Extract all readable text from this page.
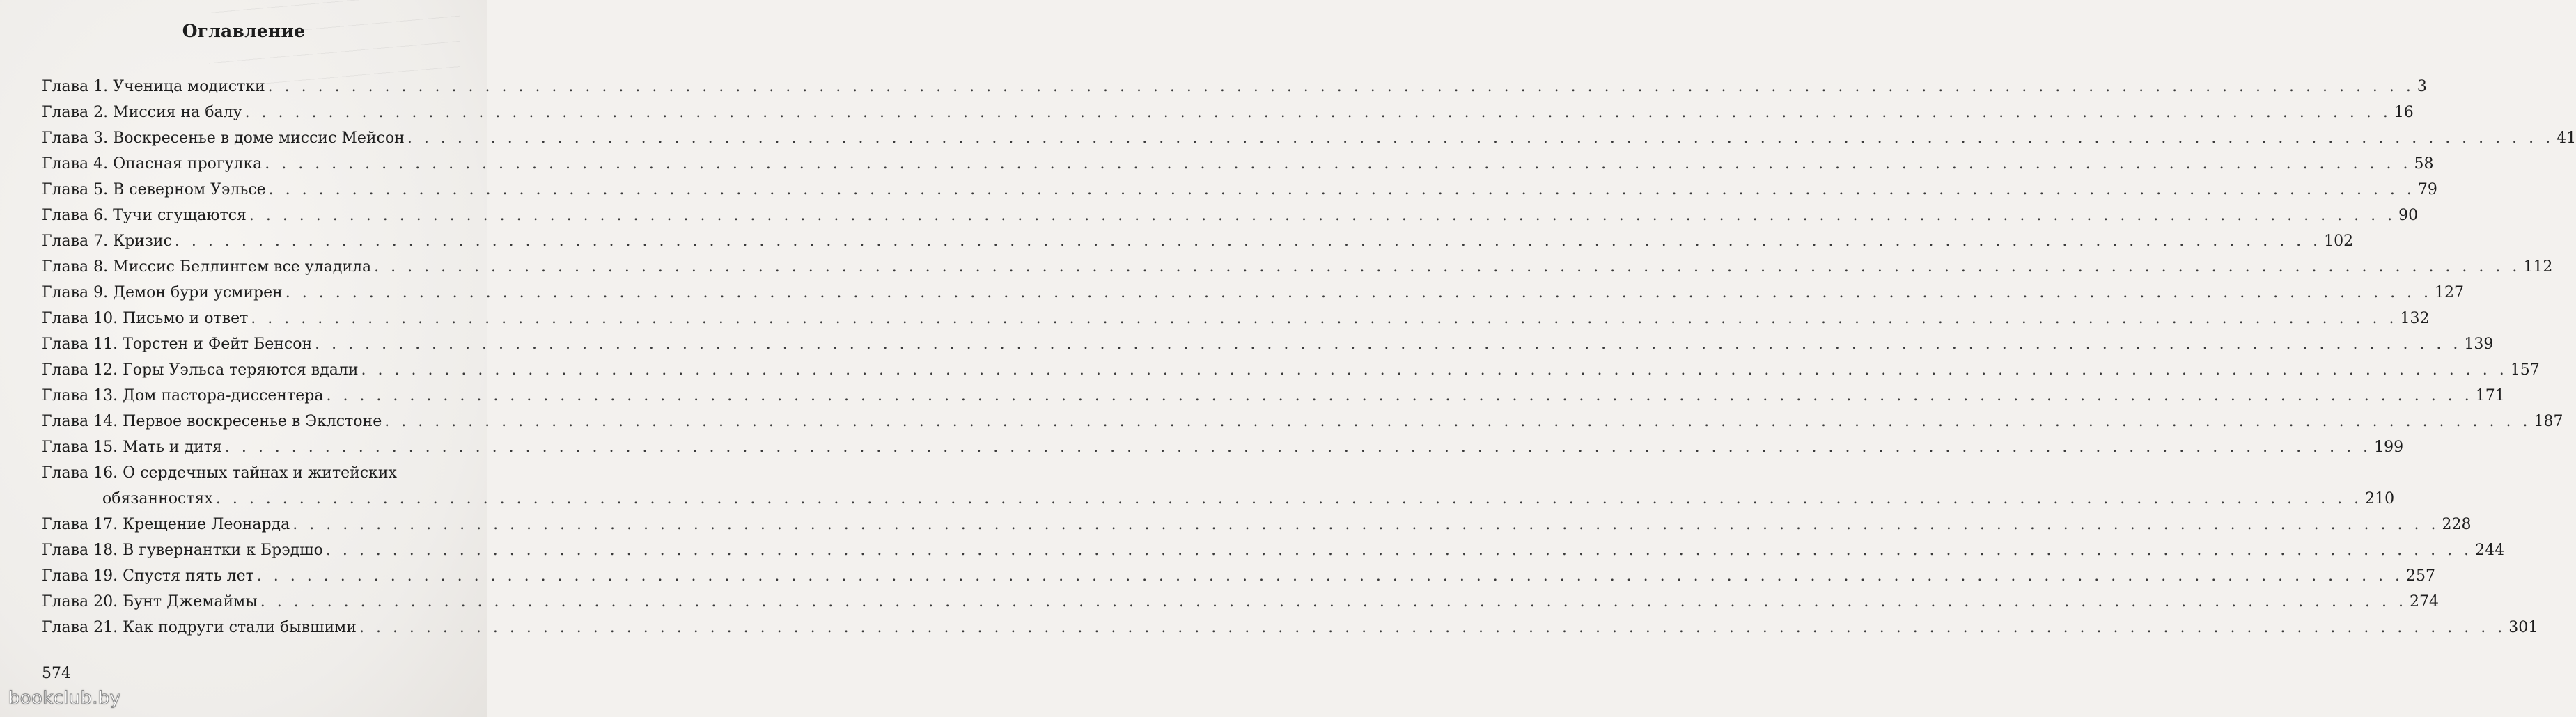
Оглавление
Глава 1. Ученица модистки . . . . . . . . . . . . . . . . . . . . . . . . . . . . . . . . . . . . . . . . . . . . . . . . . . . . . . . . . . . . . . . . . . . . . . . . . . . . . . . . . . . . . . . . . . . . . . . . . . . . . . . . . . . . . . . . . . . . . . . . . . . . . . . . . 3
Глава 2. Миссия на балу . . . . . . . . . . . . . . . . . . . . . . . . . . . . . . . . . . . . . . . . . . . . . . . . . . . . . . . . . . . . . . . . . . . . . . . . . . . . . . . . . . . . . . . . . . . . . . . . . . . . . . . . . . . . . . . . . . . . . . . . . . . . . . . . . 16
Глава 3. Воскресенье в доме миссис Мейсон . . . . . . . . . . . . . . . . . . . . . . . . . . . . . . . . . . . . . . . . . . . . . . . . . . . . . . . . . . . . . . . . . . . . . . . . . . . . . . . . . . . . . . . . . . . . . . . . . . . . . . . . . . . . . . . . . . . . . . . . . . . . . . . . . 41
Глава 4. Опасная прогулка . . . . . . . . . . . . . . . . . . . . . . . . . . . . . . . . . . . . . . . . . . . . . . . . . . . . . . . . . . . . . . . . . . . . . . . . . . . . . . . . . . . . . . . . . . . . . . . . . . . . . . . . . . . . . . . . . . . . . . . . . . . . . . . . . 58
Глава 5. В северном Уэльсе . . . . . . . . . . . . . . . . . . . . . . . . . . . . . . . . . . . . . . . . . . . . . . . . . . . . . . . . . . . . . . . . . . . . . . . . . . . . . . . . . . . . . . . . . . . . . . . . . . . . . . . . . . . . . . . . . . . . . . . . . . . . . . . . . 79
Глава 6. Тучи сгущаются . . . . . . . . . . . . . . . . . . . . . . . . . . . . . . . . . . . . . . . . . . . . . . . . . . . . . . . . . . . . . . . . . . . . . . . . . . . . . . . . . . . . . . . . . . . . . . . . . . . . . . . . . . . . . . . . . . . . . . . . . . . . . . . . . 90
Глава 7. Кризис . . . . . . . . . . . . . . . . . . . . . . . . . . . . . . . . . . . . . . . . . . . . . . . . . . . . . . . . . . . . . . . . . . . . . . . . . . . . . . . . . . . . . . . . . . . . . . . . . . . . . . . . . . . . . . . . . . . . . . . . . . . . . . . . . 102
Глава 8. Миссис Беллингем все уладила . . . . . . . . . . . . . . . . . . . . . . . . . . . . . . . . . . . . . . . . . . . . . . . . . . . . . . . . . . . . . . . . . . . . . . . . . . . . . . . . . . . . . . . . . . . . . . . . . . . . . . . . . . . . . . . . . . . . . . . . . . . . . . . . . 112
Глава 9. Демон бури усмирен . . . . . . . . . . . . . . . . . . . . . . . . . . . . . . . . . . . . . . . . . . . . . . . . . . . . . . . . . . . . . . . . . . . . . . . . . . . . . . . . . . . . . . . . . . . . . . . . . . . . . . . . . . . . . . . . . . . . . . . . . . . . . . . . . 127
Глава 10. Письмо и ответ . . . . . . . . . . . . . . . . . . . . . . . . . . . . . . . . . . . . . . . . . . . . . . . . . . . . . . . . . . . . . . . . . . . . . . . . . . . . . . . . . . . . . . . . . . . . . . . . . . . . . . . . . . . . . . . . . . . . . . . . . . . . . . . . . 132
Глава 11. Торстен и Фейт Бенсон . . . . . . . . . . . . . . . . . . . . . . . . . . . . . . . . . . . . . . . . . . . . . . . . . . . . . . . . . . . . . . . . . . . . . . . . . . . . . . . . . . . . . . . . . . . . . . . . . . . . . . . . . . . . . . . . . . . . . . . . . . . . . . . . . 139
Глава 12. Горы Уэльса теряются вдали . . . . . . . . . . . . . . . . . . . . . . . . . . . . . . . . . . . . . . . . . . . . . . . . . . . . . . . . . . . . . . . . . . . . . . . . . . . . . . . . . . . . . . . . . . . . . . . . . . . . . . . . . . . . . . . . . . . . . . . . . . . . . . . . . 157
Глава 13. Дом пастора-диссентера . . . . . . . . . . . . . . . . . . . . . . . . . . . . . . . . . . . . . . . . . . . . . . . . . . . . . . . . . . . . . . . . . . . . . . . . . . . . . . . . . . . . . . . . . . . . . . . . . . . . . . . . . . . . . . . . . . . . . . . . . . . . . . . . . 171
Глава 14. Первое воскресенье в Эклстоне . . . . . . . . . . . . . . . . . . . . . . . . . . . . . . . . . . . . . . . . . . . . . . . . . . . . . . . . . . . . . . . . . . . . . . . . . . . . . . . . . . . . . . . . . . . . . . . . . . . . . . . . . . . . . . . . . . . . . . . . . . . . . . . . . 187
Глава 15. Мать и дитя . . . . . . . . . . . . . . . . . . . . . . . . . . . . . . . . . . . . . . . . . . . . . . . . . . . . . . . . . . . . . . . . . . . . . . . . . . . . . . . . . . . . . . . . . . . . . . . . . . . . . . . . . . . . . . . . . . . . . . . . . . . . . . . . . 199
Глава 16. О сердечных тайнах и житейских
обязанностях . . . . . . . . . . . . . . . . . . . . . . . . . . . . . . . . . . . . . . . . . . . . . . . . . . . . . . . . . . . . . . . . . . . . . . . . . . . . . . . . . . . . . . . . . . . . . . . . . . . . . . . . . . . . . . . . . . . . . . . . . . . . . . . . . 210
Глава 17. Крещение Леонарда . . . . . . . . . . . . . . . . . . . . . . . . . . . . . . . . . . . . . . . . . . . . . . . . . . . . . . . . . . . . . . . . . . . . . . . . . . . . . . . . . . . . . . . . . . . . . . . . . . . . . . . . . . . . . . . . . . . . . . . . . . . . . . . . . 228
Глава 18. В гувернантки к Брэдшо . . . . . . . . . . . . . . . . . . . . . . . . . . . . . . . . . . . . . . . . . . . . . . . . . . . . . . . . . . . . . . . . . . . . . . . . . . . . . . . . . . . . . . . . . . . . . . . . . . . . . . . . . . . . . . . . . . . . . . . . . . . . . . . . . 244
Глава 19. Спустя пять лет . . . . . . . . . . . . . . . . . . . . . . . . . . . . . . . . . . . . . . . . . . . . . . . . . . . . . . . . . . . . . . . . . . . . . . . . . . . . . . . . . . . . . . . . . . . . . . . . . . . . . . . . . . . . . . . . . . . . . . . . . . . . . . . . . 257
Глава 20. Бунт Джемаймы . . . . . . . . . . . . . . . . . . . . . . . . . . . . . . . . . . . . . . . . . . . . . . . . . . . . . . . . . . . . . . . . . . . . . . . . . . . . . . . . . . . . . . . . . . . . . . . . . . . . . . . . . . . . . . . . . . . . . . . . . . . . . . . . . 274
Глава 21. Как подруги стали бывшими . . . . . . . . . . . . . . . . . . . . . . . . . . . . . . . . . . . . . . . . . . . . . . . . . . . . . . . . . . . . . . . . . . . . . . . . . . . . . . . . . . . . . . . . . . . . . . . . . . . . . . . . . . . . . . . . . . . . . . . . . . . . . . . . . 301
574
bookclub.by
